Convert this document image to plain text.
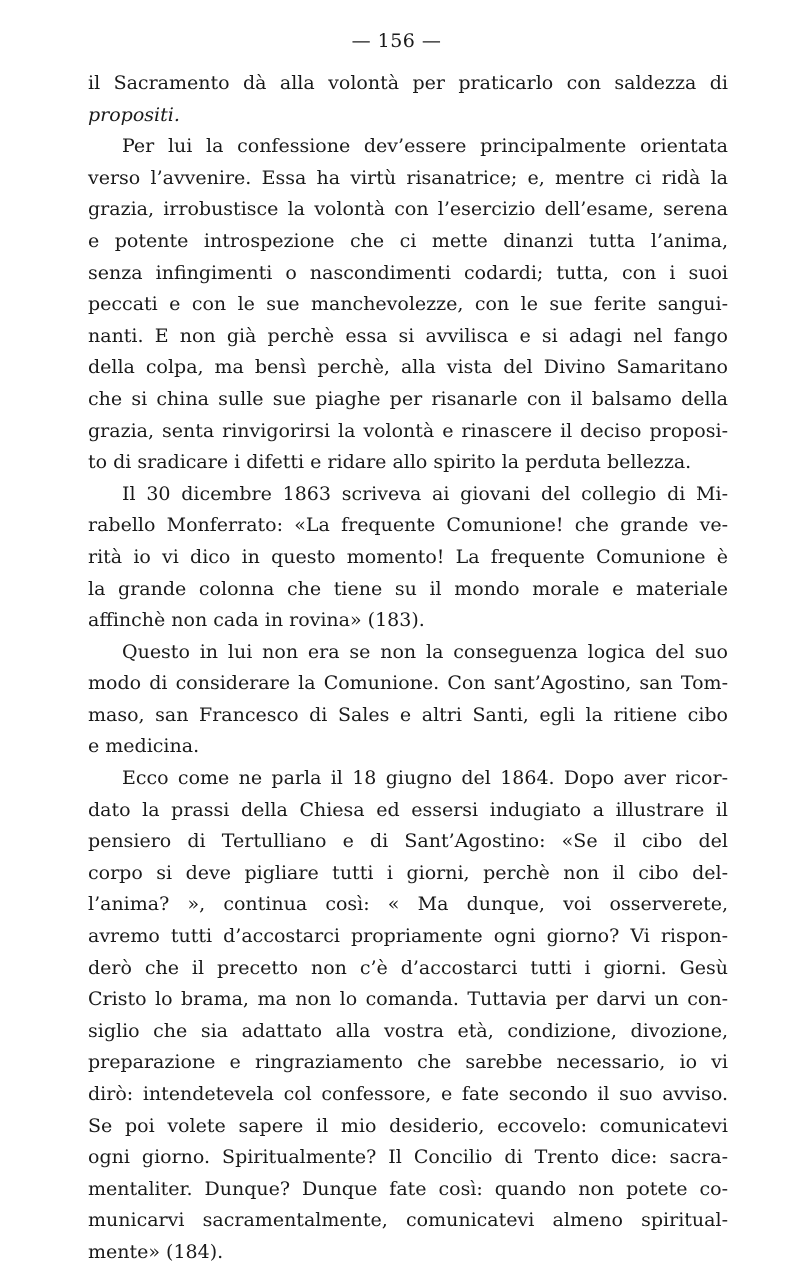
— 156 —
il Sacramento dà alla volontà per praticarlo con saldezza di
propositi.
Per lui la confessione dev’essere principalmente orientata
verso l’avvenire. Essa ha virtù risanatrice; e, mentre ci ridà la
grazia, irrobustisce la volontà con l’esercizio dell’esame, serena
e potente introspezione che ci mette dinanzi tutta l’anima,
senza infingimenti o nascondimenti codardi; tutta, con i suoi
peccati e con le sue manchevolezze, con le sue ferite sangui-
nanti. E non già perchè essa si avvilisca e si adagi nel fango
della colpa, ma bensì perchè, alla vista del Divino Samaritano
che si china sulle sue piaghe per risanarle con il balsamo della
grazia, senta rinvigorirsi la volontà e rinascere il deciso proposi-
to di sradicare i difetti e ridare allo spirito la perduta bellezza.
Il 30 dicembre 1863 scriveva ai giovani del collegio di Mi-
rabello Monferrato: «La frequente Comunione! che grande ve-
rità io vi dico in questo momento! La frequente Comunione è
la grande colonna che tiene su il mondo morale e materiale
affinchè non cada in rovina» (183).
Questo in lui non era se non la conseguenza logica del suo
modo di considerare la Comunione. Con sant’Agostino, san Tom-
maso, san Francesco di Sales e altri Santi, egli la ritiene cibo
e medicina.
Ecco come ne parla il 18 giugno del 1864. Dopo aver ricor-
dato la prassi della Chiesa ed essersi indugiato a illustrare il
pensiero di Tertulliano e di Sant’Agostino: «Se il cibo del
corpo si deve pigliare tutti i giorni, perchè non il cibo del-
l’anima? », continua così: « Ma dunque, voi osserverete,
avremo tutti d’accostarci propriamente ogni giorno? Vi rispon-
derò che il precetto non c’è d’accostarci tutti i giorni. Gesù
Cristo lo brama, ma non lo comanda. Tuttavia per darvi un con-
siglio che sia adattato alla vostra età, condizione, divozione,
preparazione e ringraziamento che sarebbe necessario, io vi
dirò: intendetevela col confessore, e fate secondo il suo avviso.
Se poi volete sapere il mio desiderio, eccovelo: comunicatevi
ogni giorno. Spiritualmente? Il Concilio di Trento dice: sacra-
mentaliter. Dunque? Dunque fate così: quando non potete co-
municarvi sacramentalmente, comunicatevi almeno spiritual-
mente» (184).
